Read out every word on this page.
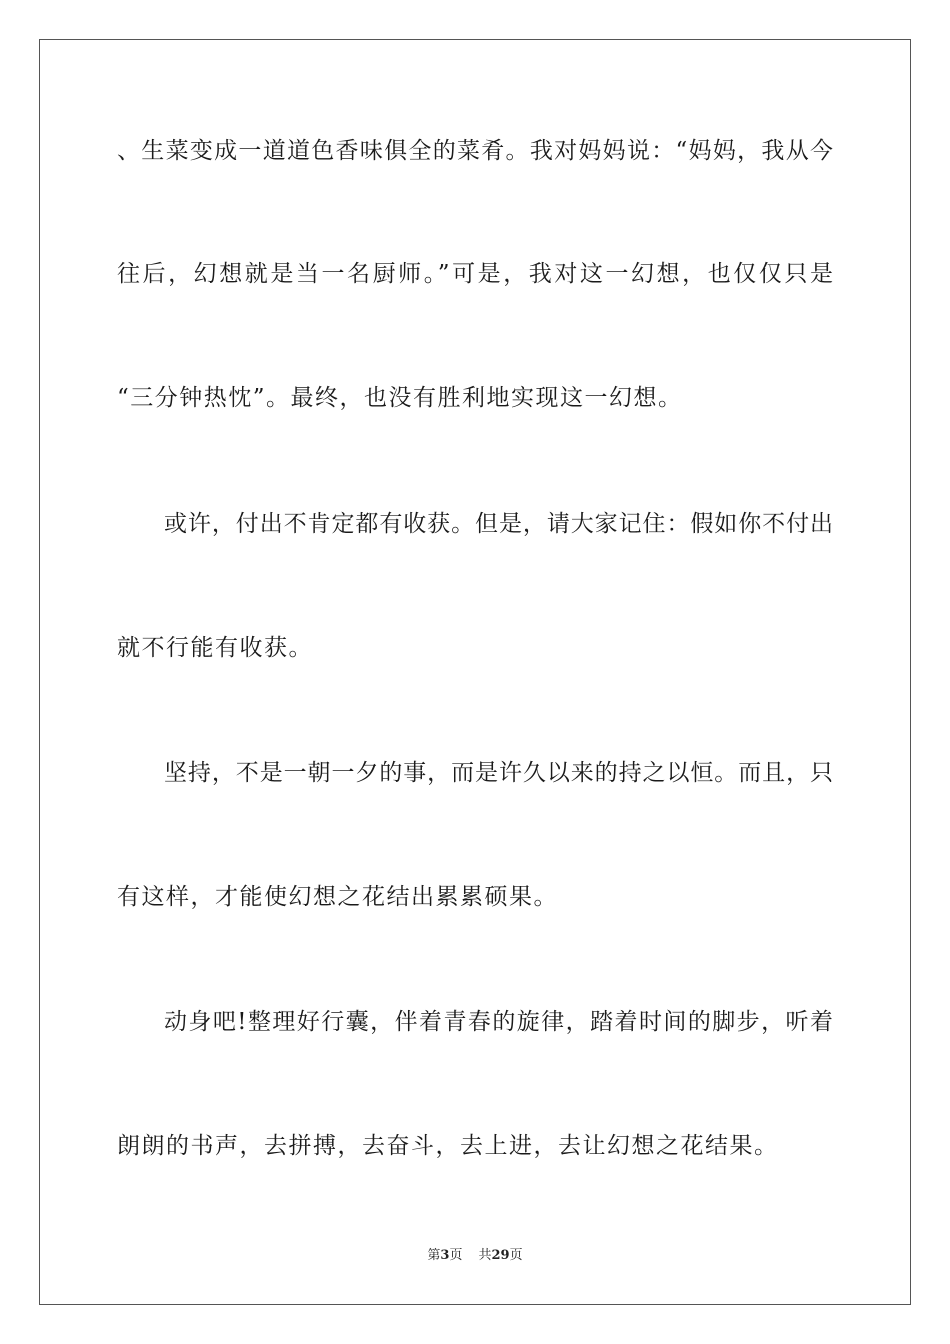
、生菜变成一道道色香味俱全的菜肴。我对妈妈说：“妈妈，我从今
往后，幻想就是当一名厨师。”可是，我对这一幻想，也仅仅只是
“三分钟热忱”。最终，也没有胜利地实现这一幻想。
或许，付出不肯定都有收获。但是，请大家记住：假如你不付出
就不行能有收获。
坚持，不是一朝一夕的事，而是许久以来的持之以恒。而且，只
有这样，才能使幻想之花结出累累硕果。
动身吧!整理好行囊，伴着青春的旋律，踏着时间的脚步，听着
朗朗的书声，去拼搏，去奋斗，去上进，去让幻想之花结果。
第3页 共29页
